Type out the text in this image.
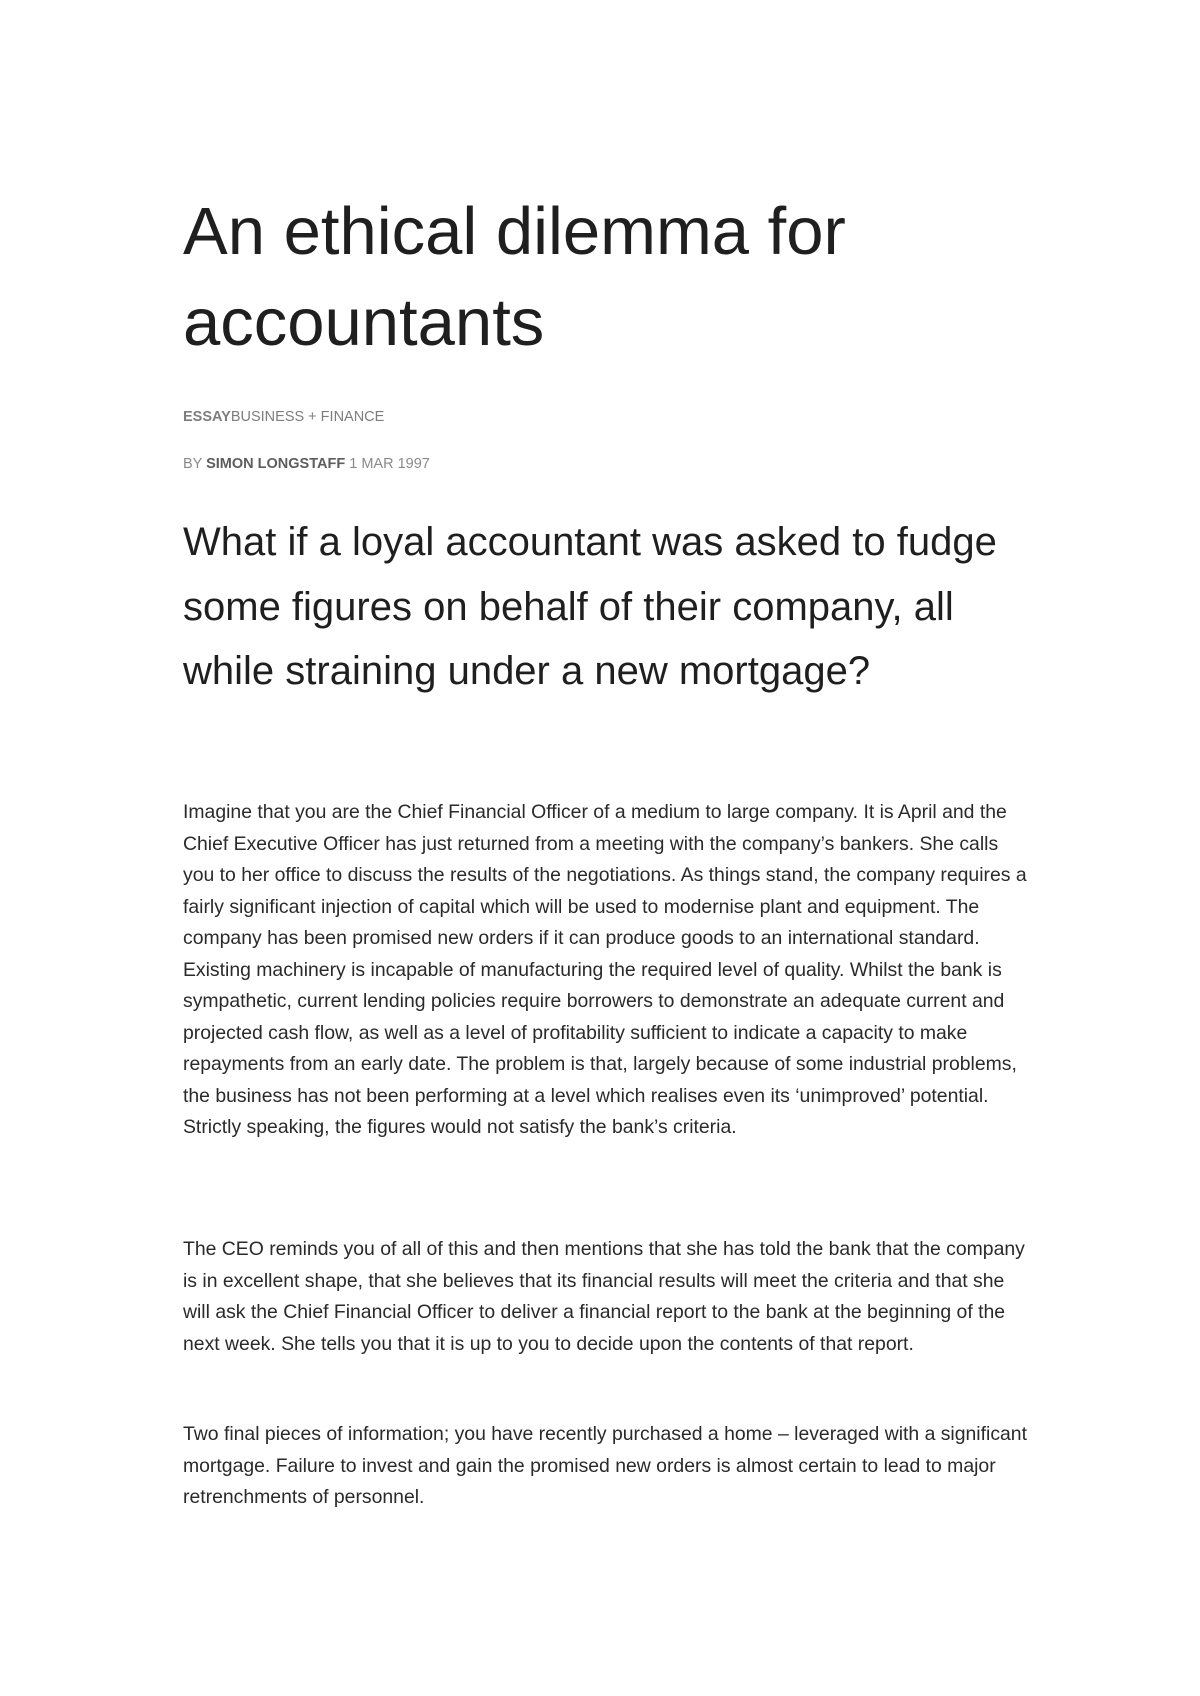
An ethical dilemma for accountants
ESSAYBUSINESS + FINANCE
BY SIMON LONGSTAFF 1 MAR 1997
What if a loyal accountant was asked to fudge some figures on behalf of their company, all while straining under a new mortgage?

Imagine that you are the Chief Financial Officer of a medium to large company. It is April and the Chief Executive Officer has just returned from a meeting with the company’s bankers. She calls you to her office to discuss the results of the negotiations. As things stand, the company requires a fairly significant injection of capital which will be used to modernise plant and equipment. The company has been promised new orders if it can produce goods to an international standard. Existing machinery is incapable of manufacturing the required level of quality. Whilst the bank is sympathetic, current lending policies require borrowers to demonstrate an adequate current and projected cash flow, as well as a level of profitability sufficient to indicate a capacity to make repayments from an early date. The problem is that, largely because of some industrial problems, the business has not been performing at a level which realises even its ‘unimproved’ potential. Strictly speaking, the figures would not satisfy the bank’s criteria.

The CEO reminds you of all of this and then mentions that she has told the bank that the company is in excellent shape, that she believes that its financial results will meet the criteria and that she will ask the Chief Financial Officer to deliver a financial report to the bank at the beginning of the next week. She tells you that it is up to you to decide upon the contents of that report.

Two final pieces of information; you have recently purchased a home – leveraged with a significant mortgage. Failure to invest and gain the promised new orders is almost certain to lead to major retrenchments of personnel.
